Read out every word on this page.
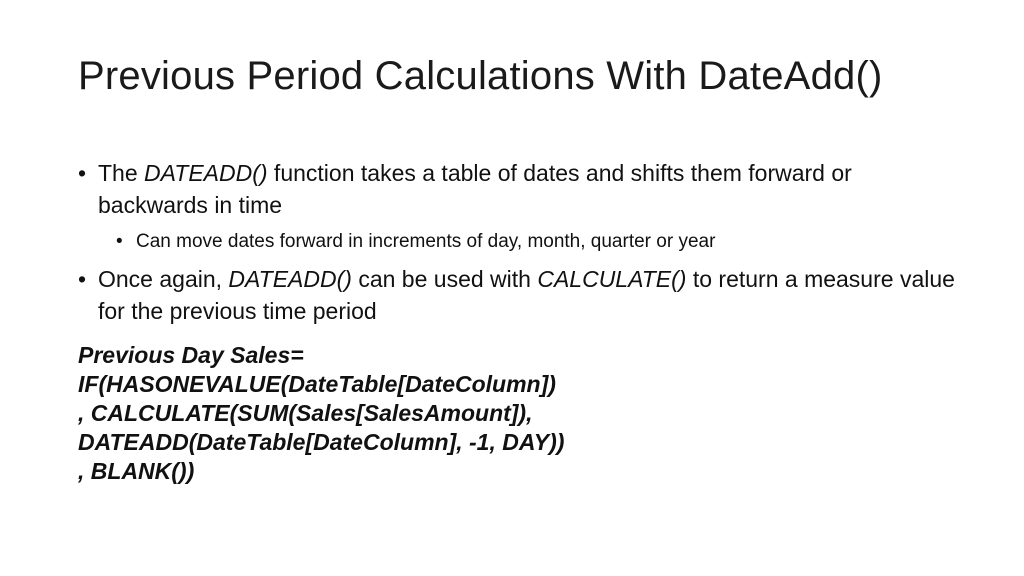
Previous Period Calculations With DateAdd()
• The DATEADD() function takes a table of dates and shifts them forward or backwards in time
• Can move dates forward in increments of day, month, quarter or year
• Once again, DATEADD() can be used with CALCULATE() to return a measure value for the previous time period
Previous Day Sales=
IF(HASONEVALUE(DateTable[DateColumn])
, CALCULATE(SUM(Sales[SalesAmount]),
DATEADD(DateTable[DateColumn], -1, DAY))
, BLANK())
